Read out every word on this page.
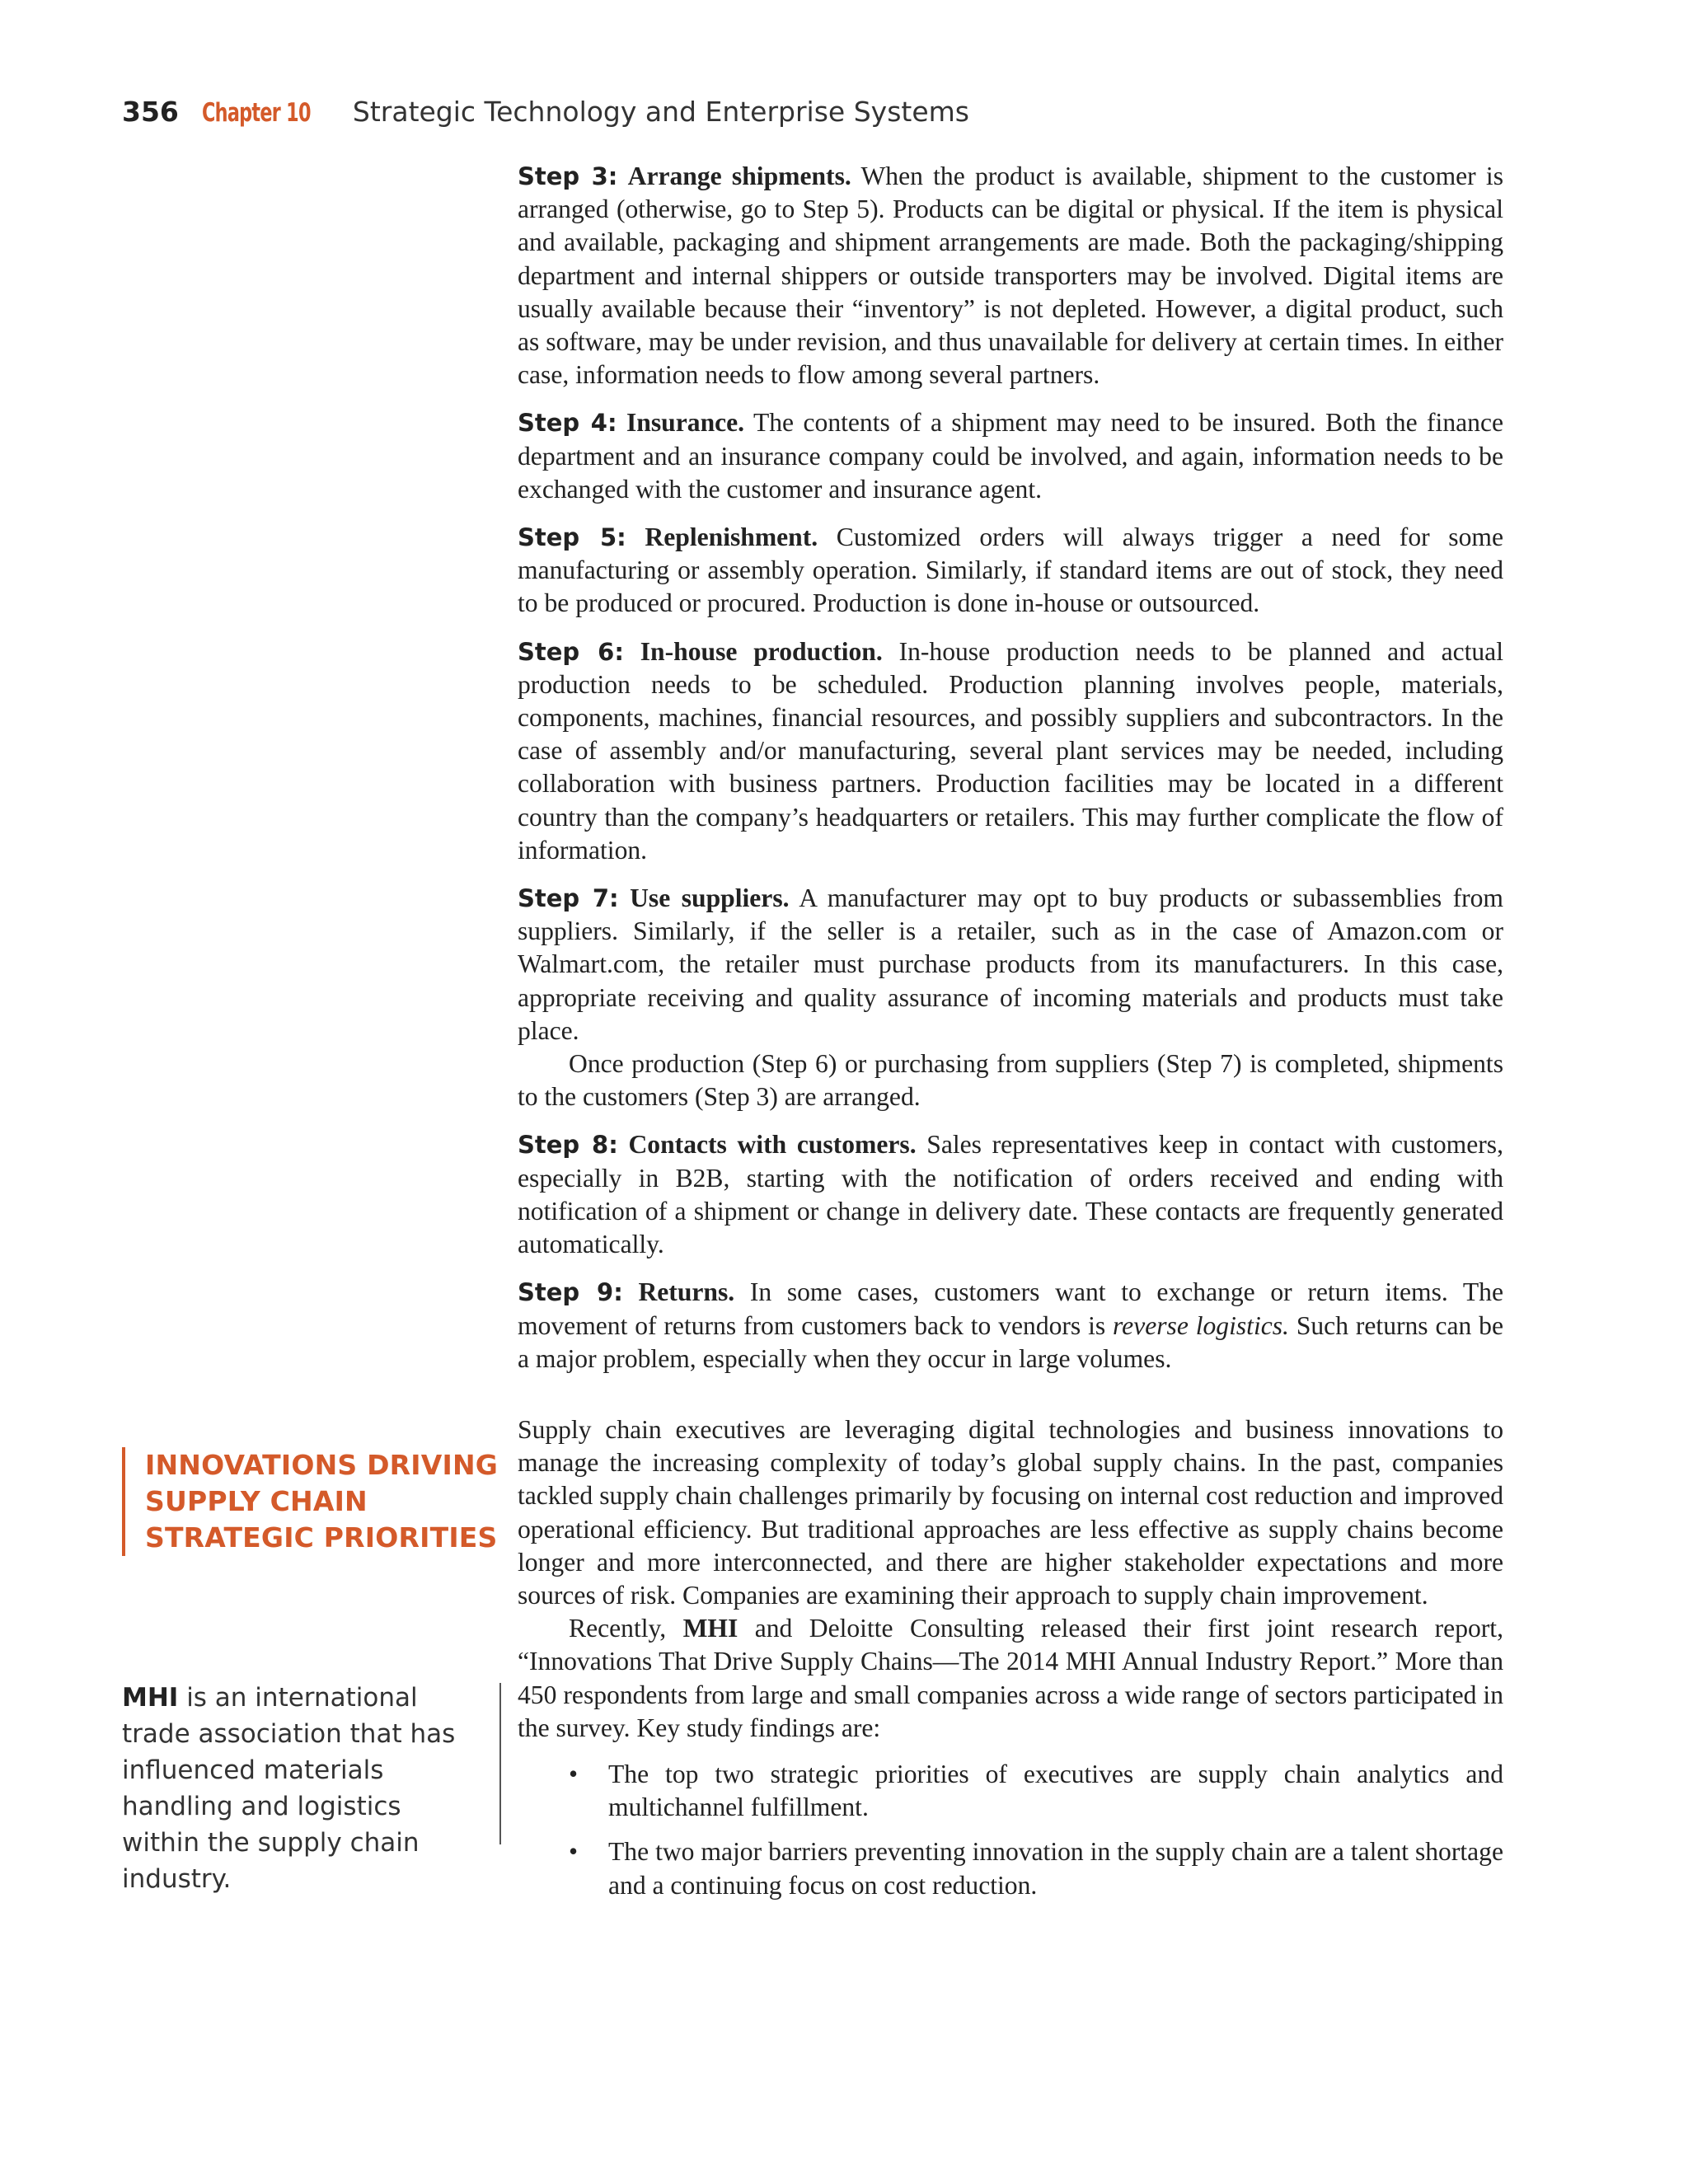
356 Chapter 10 Strategic Technology and Enterprise Systems

Step 3: Arrange shipments. When the product is available, shipment to the customer is arranged (otherwise, go to Step 5). Products can be digital or physical. If the item is physical and available, packaging and shipment arrangements are made. Both the packaging/shipping department and internal shippers or outside transporters may be involved. Digital items are usually available because their “inventory” is not depleted. However, a digital product, such as software, may be under revision, and thus unavailable for delivery at certain times. In either case, information needs to flow among several partners.

Step 4: Insurance. The contents of a shipment may need to be insured. Both the finance department and an insurance company could be involved, and again, information needs to be exchanged with the customer and insurance agent.

Step 5: Replenishment. Customized orders will always trigger a need for some manufacturing or assembly operation. Similarly, if standard items are out of stock, they need to be produced or procured. Production is done in-house or outsourced.

Step 6: In-house production. In-house production needs to be planned and actual production needs to be scheduled. Production planning involves people, materials, components, machines, financial resources, and possibly suppliers and subcontractors. In the case of assembly and/or manufacturing, several plant services may be needed, including collaboration with business partners. Production facilities may be located in a different country than the company’s headquarters or retailers. This may further complicate the flow of information.

Step 7: Use suppliers. A manufacturer may opt to buy products or subassemblies from suppliers. Similarly, if the seller is a retailer, such as in the case of Amazon.​com or Walmart.com, the retailer must purchase products from its manufacturers. In this case, appropriate receiving and quality assurance of incoming materials and products must take place.

Once production (Step 6) or purchasing from suppliers (Step 7) is completed, shipments to the customers (Step 3) are arranged.

Step 8: Contacts with customers. Sales representatives keep in contact with customers, especially in B2B, starting with the notification of orders received and ending with notification of a shipment or change in delivery date. These contacts are frequently generated automatically.

Step 9: Returns. In some cases, customers want to exchange or return items. The movement of returns from customers back to vendors is reverse logistics. Such returns can be a major problem, especially when they occur in large volumes.

Supply chain executives are leveraging digital technologies and business innovations to manage the increasing complexity of today’s global supply chains. In the past, companies tackled supply chain challenges primarily by focusing on internal cost reduction and improved operational efficiency. But traditional approaches are less effective as supply chains become longer and more interconnected, and there are higher stakeholder expectations and more sources of risk. Companies are examining their approach to supply chain improvement.

Recently, MHI and Deloitte Consulting released their first joint research report, “Innovations That Drive Supply Chains—The 2014 MHI Annual Industry Report.” More than 450 respondents from large and small companies across a wide range of sectors participated in the survey. Key study findings are:

• The top two strategic priorities of executives are supply chain analytics and multichannel fulfillment.
• The two major barriers preventing innovation in the supply chain are a talent shortage and a continuing focus on cost reduction.
INNOVATIONS DRIVING SUPPLY CHAIN STRATEGIC PRIORITIES
MHI is an international trade association that has influenced materials handling and logistics within the supply chain industry.
